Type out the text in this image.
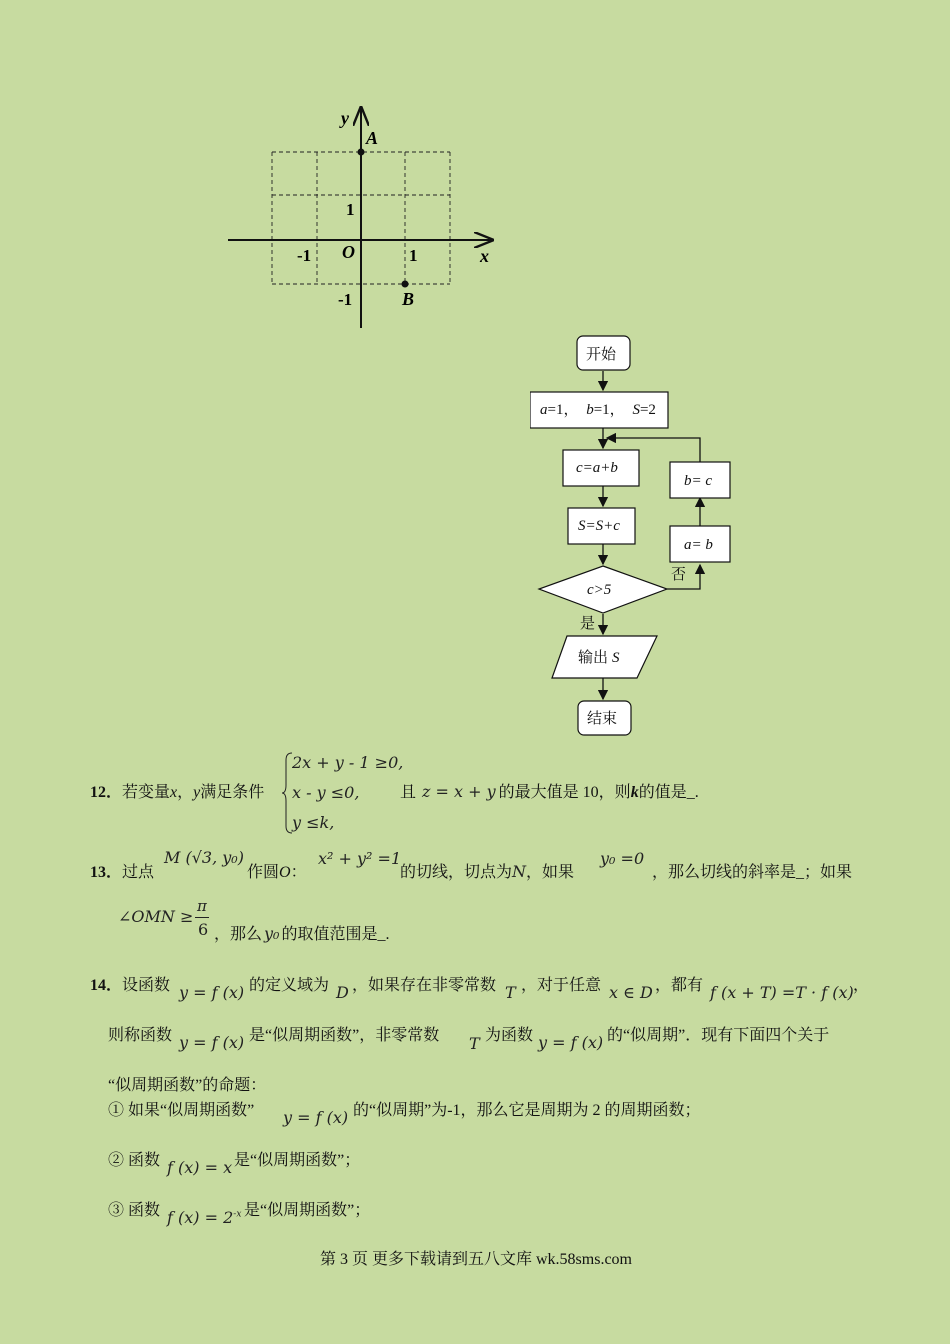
y
x
A
B
O
1
-1
1
-1
开始
a=1， b=1， S=2
c=a+b
S=S+c
c>5
是
否
输出 S
结束
b= c
a= b
12．若变量x，y满足条件
2x + y - 1 ≥0,
x - y ≤0,
y ≤k,
且 z = x + y 的最大值是 10，则k的值是_.
13．过点
M (√3, y₀)
作圆O：
x² + y² =1
的切线，切点为N，如果
y₀ =0
，那么切线的斜率是_；如果
∠OMN ≥
π
6 ，那么 y₀ 的取值范围是_.
14．设函数 y = f (x) 的定义域为 D ，如果存在非零常数 T ，对于任意 x ∈ D ，都有 f (x + T) =T · f (x) ，
则称函数 y = f (x) 是“似周期函数”，非零常数 T 为函数 y = f (x) 的“似周期”．现有下面四个关于
“似周期函数”的命题：
① 如果“似周期函数” y = f (x) 的“似周期”为-1，那么它是周期为 2 的周期函数；
② 函数 f (x) = x 是“似周期函数”；
③ 函数 f $(x) = 2^{-x}$ 是“似周期函数”；
第 3 页 更多下载请到五八文库 wk.58sms.com
